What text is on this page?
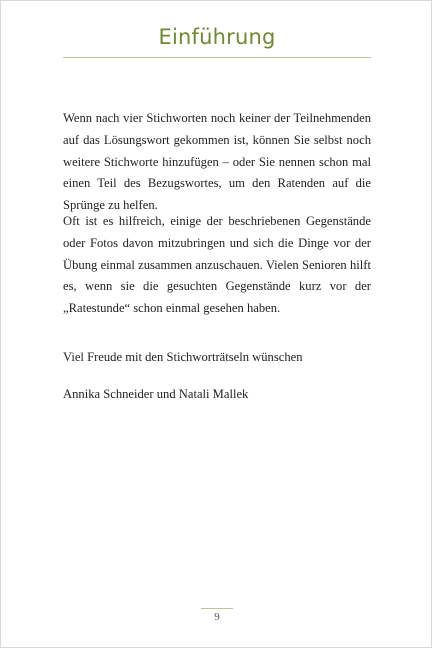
Einführung
Wenn nach vier Stichworten noch keiner der Teilnehmenden auf das Lösungswort gekommen ist, können Sie selbst noch weitere Stichworte hinzufügen – oder Sie nennen schon mal einen Teil des Bezugswortes, um den Ratenden auf die Sprünge zu helfen.
Oft ist es hilfreich, einige der beschriebenen Gegenstände oder Fotos davon mitzubringen und sich die Dinge vor der Übung einmal zusammen anzuschauen. Vielen Senioren hilft es, wenn sie die gesuchten Gegenstände kurz vor der „Ratestunde“ schon einmal gesehen haben.
Viel Freude mit den Stichworträtseln wünschen
Annika Schneider und Natali Mallek
9
